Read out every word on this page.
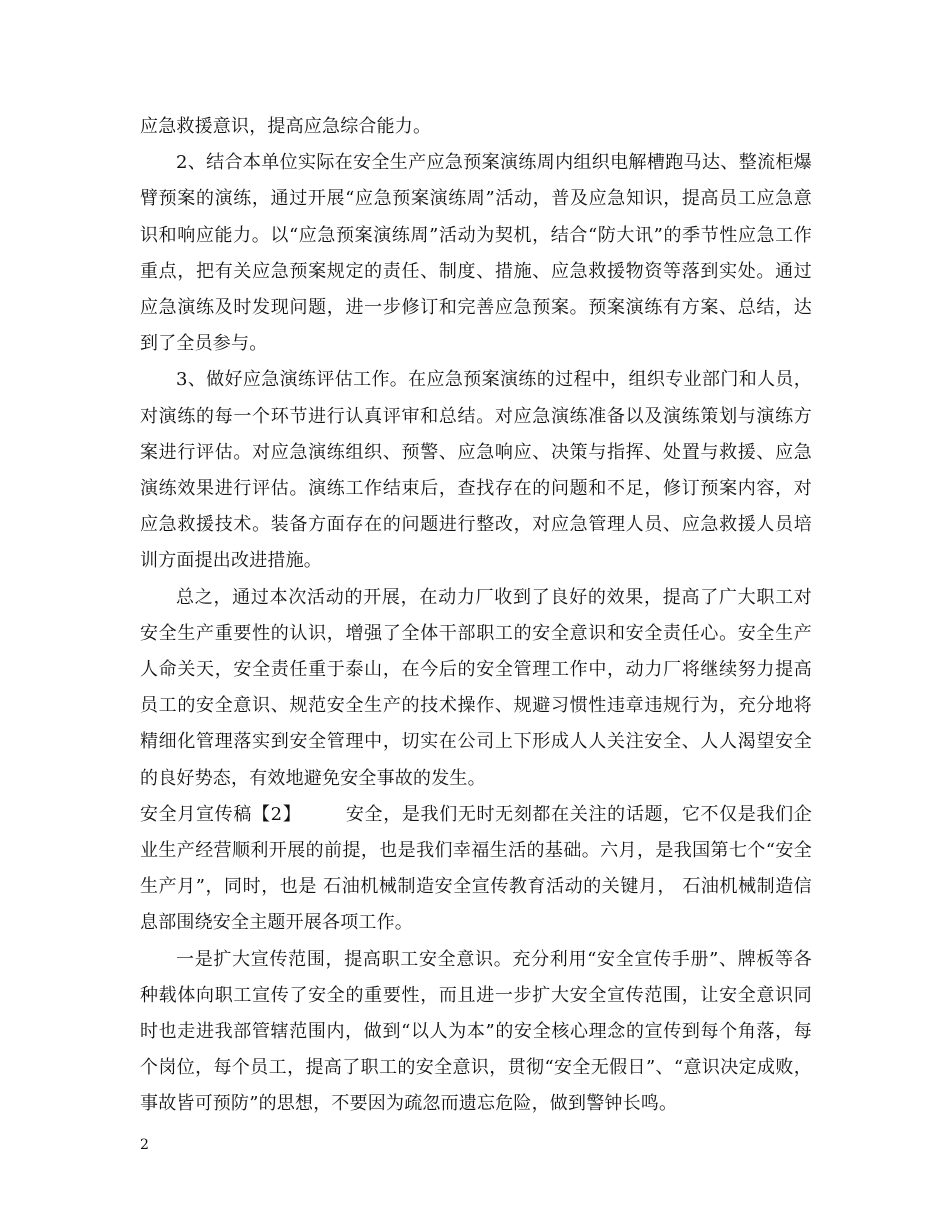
应急救援意识，提高应急综合能力。

2、结合本单位实际在安全生产应急预案演练周内组织电解槽跑马达、整流柜爆臂预案的演练，通过开展“应急预案演练周”活动，普及应急知识，提高员工应急意识和响应能力。以“应急预案演练周”活动为契机，结合“防大讯”的季节性应急工作重点，把有关应急预案规定的责任、制度、措施、应急救援物资等落到实处。通过应急演练及时发现问题，进一步修订和完善应急预案。预案演练有方案、总结，达到了全员参与。

3、做好应急演练评估工作。在应急预案演练的过程中，组织专业部门和人员，对演练的每一个环节进行认真评审和总结。对应急演练准备以及演练策划与演练方案进行评估。对应急演练组织、预警、应急响应、决策与指挥、处置与救援、应急演练效果进行评估。演练工作结束后，查找存在的问题和不足，修订预案内容，对应急救援技术。装备方面存在的问题进行整改，对应急管理人员、应急救援人员培训方面提出改进措施。

总之，通过本次活动的开展，在动力厂收到了良好的效果，提高了广大职工对安全生产重要性的认识，增强了全体干部职工的安全意识和安全责任心。安全生产人命关天，安全责任重于泰山，在今后的安全管理工作中，动力厂将继续努力提高员工的安全意识、规范安全生产的技术操作、规避习惯性违章违规行为，充分地将精细化管理落实到安全管理中，切实在公司上下形成人人关注安全、人人渴望安全的良好势态，有效地避免安全事故的发生。

安全月宣传稿【2】 安全，是我们无时无刻都在关注的话题，它不仅是我们企业生产经营顺利开展的前提，也是我们幸福生活的基础。六月，是我国第七个“安全生产月”，同时，也是 石油机械制造安全宣传教育活动的关键月， 石油机械制造信息部围绕安全主题开展各项工作。

一是扩大宣传范围，提高职工安全意识。充分利用“安全宣传手册”、牌板等各种载体向职工宣传了安全的重要性，而且进一步扩大安全宣传范围，让安全意识同时也走进我部管辖范围内，做到“以人为本”的安全核心理念的宣传到每个角落，每个岗位，每个员工，提高了职工的安全意识，贯彻“安全无假日”、“意识决定成败，事故皆可预防”的思想，不要因为疏忽而遗忘危险，做到警钟长鸣。

2
